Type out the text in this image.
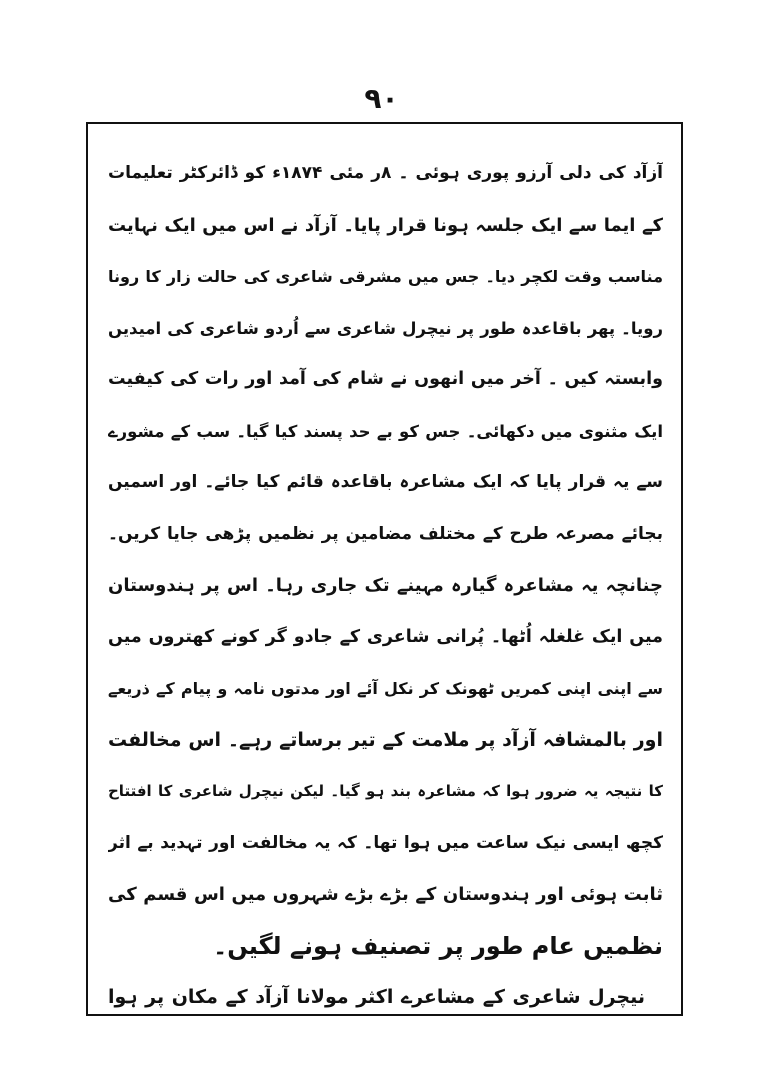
۹۰
آزآد کی دلی آرزو پوری ہوئی ۔ ۸ر مئی ۱۸۷۴ء کو ڈائرکٹر تعلیمات
کے ایما سے ایک جلسہ ہونا قرار پایا۔ آزآد نے اس میں ایک نہایت
مناسب وقت لکچر دیا۔ جس میں مشرقی شاعری کی حالت زار کا رونا
رویا۔ پھر باقاعدہ طور پر نیچرل شاعری سے اُردو شاعری کی امیدیں
وابستہ کیں ۔ آخر میں انھوں نے شام کی آمد اور رات کی کیفیت
ایک مثنوی میں دکھائی۔ جس کو بے حد پسند کیا گیا۔ سب کے مشورے
سے یہ قرار پایا کہ ایک مشاعرہ باقاعدہ قائم کیا جائے۔ اور اسمیں
بجائے مصرعہ طرح کے مختلف مضامین پر نظمیں پڑھی جایا کریں۔
چنانچہ یہ مشاعرہ گیارہ مہینے تک جاری رہا۔ اس پر ہندوستان
میں ایک غلغلہ اُٹھا۔ پُرانی شاعری کے جادو گر کونے کھتروں میں
سے اپنی اپنی کمریں ٹھونک کر نکل آئے اور مدتوں نامہ و پیام کے ذریعے
اور بالمشافہ آزآد پر ملامت کے تیر برساتے رہے۔ اس مخالفت
کا نتیجہ یہ ضرور ہوا کہ مشاعرہ بند ہو گیا۔ لیکن نیچرل شاعری کا افتتاح
کچھ ایسی نیک ساعت میں ہوا تھا۔ کہ یہ مخالفت اور تہدید بے اثر
ثابت ہوئی اور ہندوستان کے بڑے بڑے شہروں میں اس قسم کی
نظمیں عام طور پر تصنیف ہونے لگیں۔
نیچرل شاعری کے مشاعرے اکثر مولانا آزآد کے مکان پر ہوا
